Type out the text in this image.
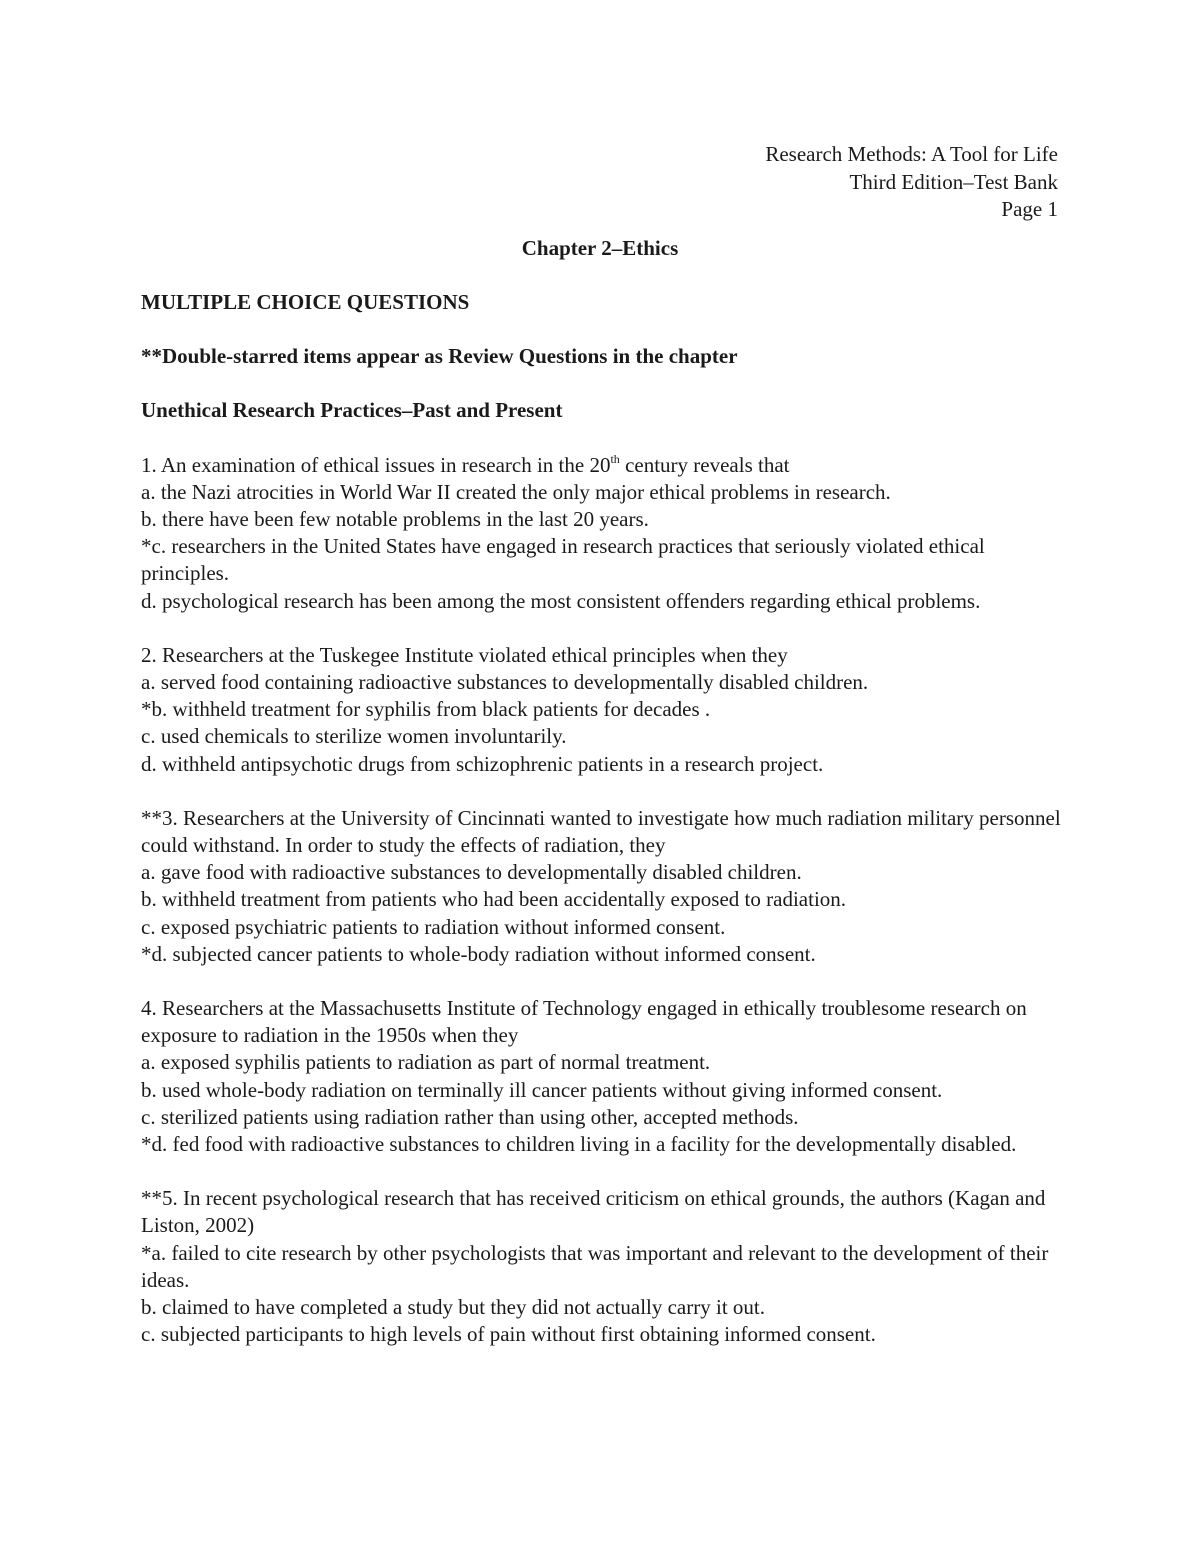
Research Methods: A Tool for Life
Third Edition–Test Bank
Page 1
Chapter 2–Ethics

MULTIPLE CHOICE QUESTIONS

**Double-starred items appear as Review Questions in the chapter

Unethical Research Practices–Past and Present

1. An examination of ethical issues in research in the 20th century reveals that

a. the Nazi atrocities in World War II created the only major ethical problems in research.

b. there have been few notable problems in the last 20 years.

*c. researchers in the United States have engaged in research practices that seriously violated ethical principles.

d. psychological research has been among the most consistent offenders regarding ethical problems.

2. Researchers at the Tuskegee Institute violated ethical principles when they

a. served food containing radioactive substances to developmentally disabled children.

*b. withheld treatment for syphilis from black patients for decades .

c. used chemicals to sterilize women involuntarily.

d. withheld antipsychotic drugs from schizophrenic patients in a research project.

**3. Researchers at the University of Cincinnati wanted to investigate how much radiation military personnel could withstand. In order to study the effects of radiation, they

a. gave food with radioactive substances to developmentally disabled children.

b. withheld treatment from patients who had been accidentally exposed to radiation.

c. exposed psychiatric patients to radiation without informed consent.

*d. subjected cancer patients to whole-body radiation without informed consent.

4. Researchers at the Massachusetts Institute of Technology engaged in ethically troublesome research on exposure to radiation in the 1950s when they

a. exposed syphilis patients to radiation as part of normal treatment.

b. used whole-body radiation on terminally ill cancer patients without giving informed consent.

c. sterilized patients using radiation rather than using other, accepted methods.

*d. fed food with radioactive substances to children living in a facility for the developmentally disabled.

**5. In recent psychological research that has received criticism on ethical grounds, the authors (Kagan and Liston, 2002)

*a. failed to cite research by other psychologists that was important and relevant to the development of their ideas.

b. claimed to have completed a study but they did not actually carry it out.

c. subjected participants to high levels of pain without first obtaining informed consent.
